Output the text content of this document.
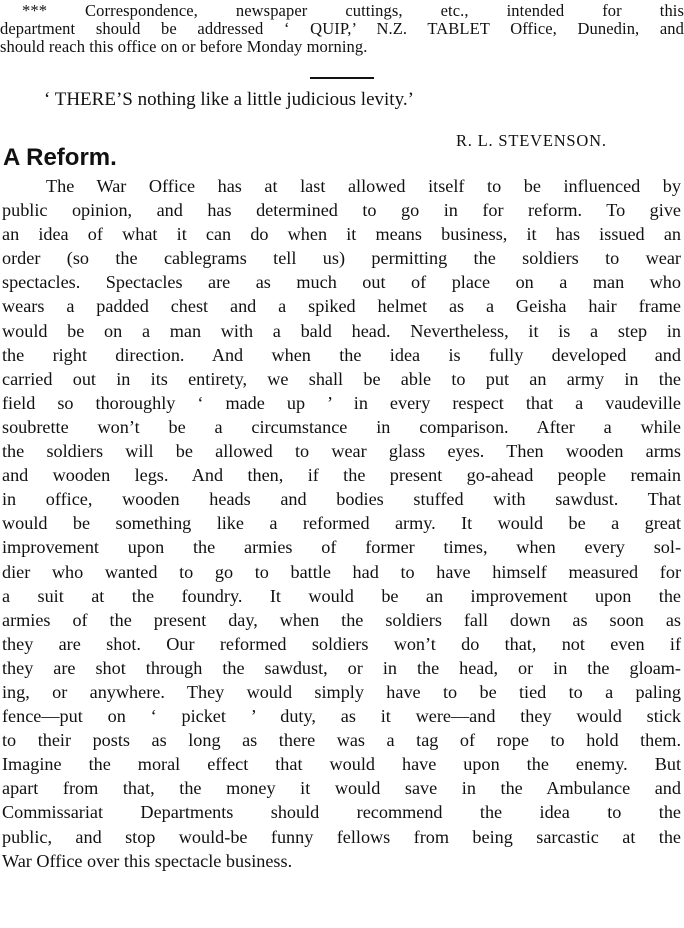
*** Correspondence, newspaper cuttings, etc., intended for this
department should be addressed ‘ QUIP,’ N.Z. TABLET Office, Dunedin, and
should reach this office on or before Monday morning.
‘ THERE’S nothing like a little judicious levity.’
R. L. STEVENSON.
A Reform.
The War Office has at last allowed itself to be influenced by
public opinion, and has determined to go in for reform. To give
an idea of what it can do when it means business, it has issued an
order (so the cablegrams tell us) permitting the soldiers to wear
spectacles. Spectacles are as much out of place on a man who
wears a padded chest and a spiked helmet as a Geisha hair frame
would be on a man with a bald head. Nevertheless, it is a step in
the right direction. And when the idea is fully developed and
carried out in its entirety, we shall be able to put an army in the
field so thoroughly ‘ made up ’ in every respect that a vaudeville
soubrette won’t be a circumstance in comparison. After a while
the soldiers will be allowed to wear glass eyes. Then wooden arms
and wooden legs. And then, if the present go-ahead people remain
in office, wooden heads and bodies stuffed with sawdust. That
would be something like a reformed army. It would be a great
improvement upon the armies of former times, when every sol-
dier who wanted to go to battle had to have himself measured for
a suit at the foundry. It would be an improvement upon the
armies of the present day, when the soldiers fall down as soon as
they are shot. Our reformed soldiers won’t do that, not even if
they are shot through the sawdust, or in the head, or in the gloam-
ing, or anywhere. They would simply have to be tied to a paling
fence—put on ‘ picket ’ duty, as it were—and they would stick
to their posts as long as there was a tag of rope to hold them.
Imagine the moral effect that would have upon the enemy. But
apart from that, the money it would save in the Ambulance and
Commissariat Departments should recommend the idea to the
public, and stop would-be funny fellows from being sarcastic at the
War Office over this spectacle business.
